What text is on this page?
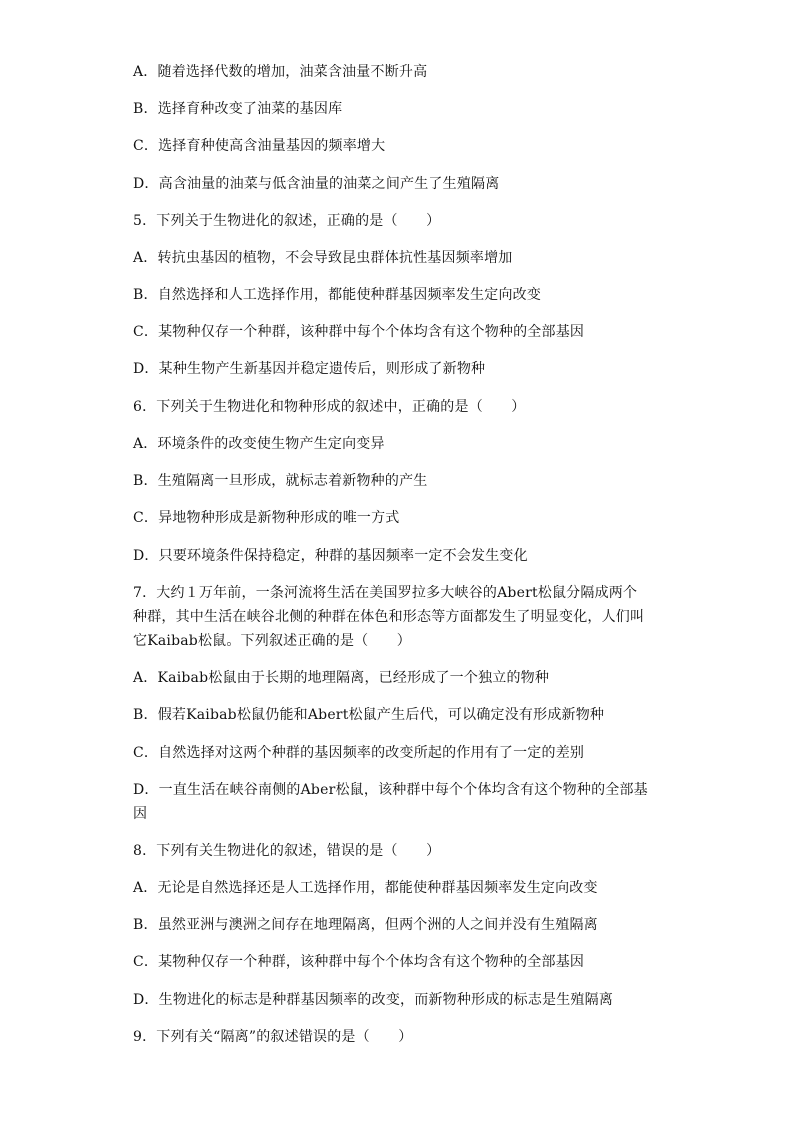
A．随着选择代数的增加，油菜含油量不断升高
B．选择育种改变了油菜的基因库
C．选择育种使高含油量基因的频率增大
D．高含油量的油菜与低含油量的油菜之间产生了生殖隔离
5．下列关于生物进化的叙述，正确的是（　　）
A．转抗虫基因的植物，不会导致昆虫群体抗性基因频率增加
B．自然选择和人工选择作用，都能使种群基因频率发生定向改变
C．某物种仅存一个种群，该种群中每个个体均含有这个物种的全部基因
D．某种生物产生新基因并稳定遗传后，则形成了新物种
6．下列关于生物进化和物种形成的叙述中，正确的是（　　）
A．环境条件的改变使生物产生定向变异
B．生殖隔离一旦形成，就标志着新物种的产生
C．异地物种形成是新物种形成的唯一方式
D．只要环境条件保持稳定，种群的基因频率一定不会发生变化
7．大约１万年前，一条河流将生活在美国罗拉多大峡谷的Abert松鼠分隔成两个
种群，其中生活在峡谷北侧的种群在体色和形态等方面都发生了明显变化，人们叫
它Kaibab松鼠。下列叙述正确的是（　　）
A．Kaibab松鼠由于长期的地理隔离，已经形成了一个独立的物种
B．假若Kaibab松鼠仍能和Abert松鼠产生后代，可以确定没有形成新物种
C．自然选择对这两个种群的基因频率的改变所起的作用有了一定的差别
D．一直生活在峡谷南侧的Aber松鼠，该种群中每个个体均含有这个物种的全部基
因
8．下列有关生物进化的叙述，错误的是（　　）
A．无论是自然选择还是人工选择作用，都能使种群基因频率发生定向改变
B．虽然亚洲与澳洲之间存在地理隔离，但两个洲的人之间并没有生殖隔离
C．某物种仅存一个种群，该种群中每个个体均含有这个物种的全部基因
D．生物进化的标志是种群基因频率的改变，而新物种形成的标志是生殖隔离
9．下列有关“隔离”的叙述错误的是（　　）
